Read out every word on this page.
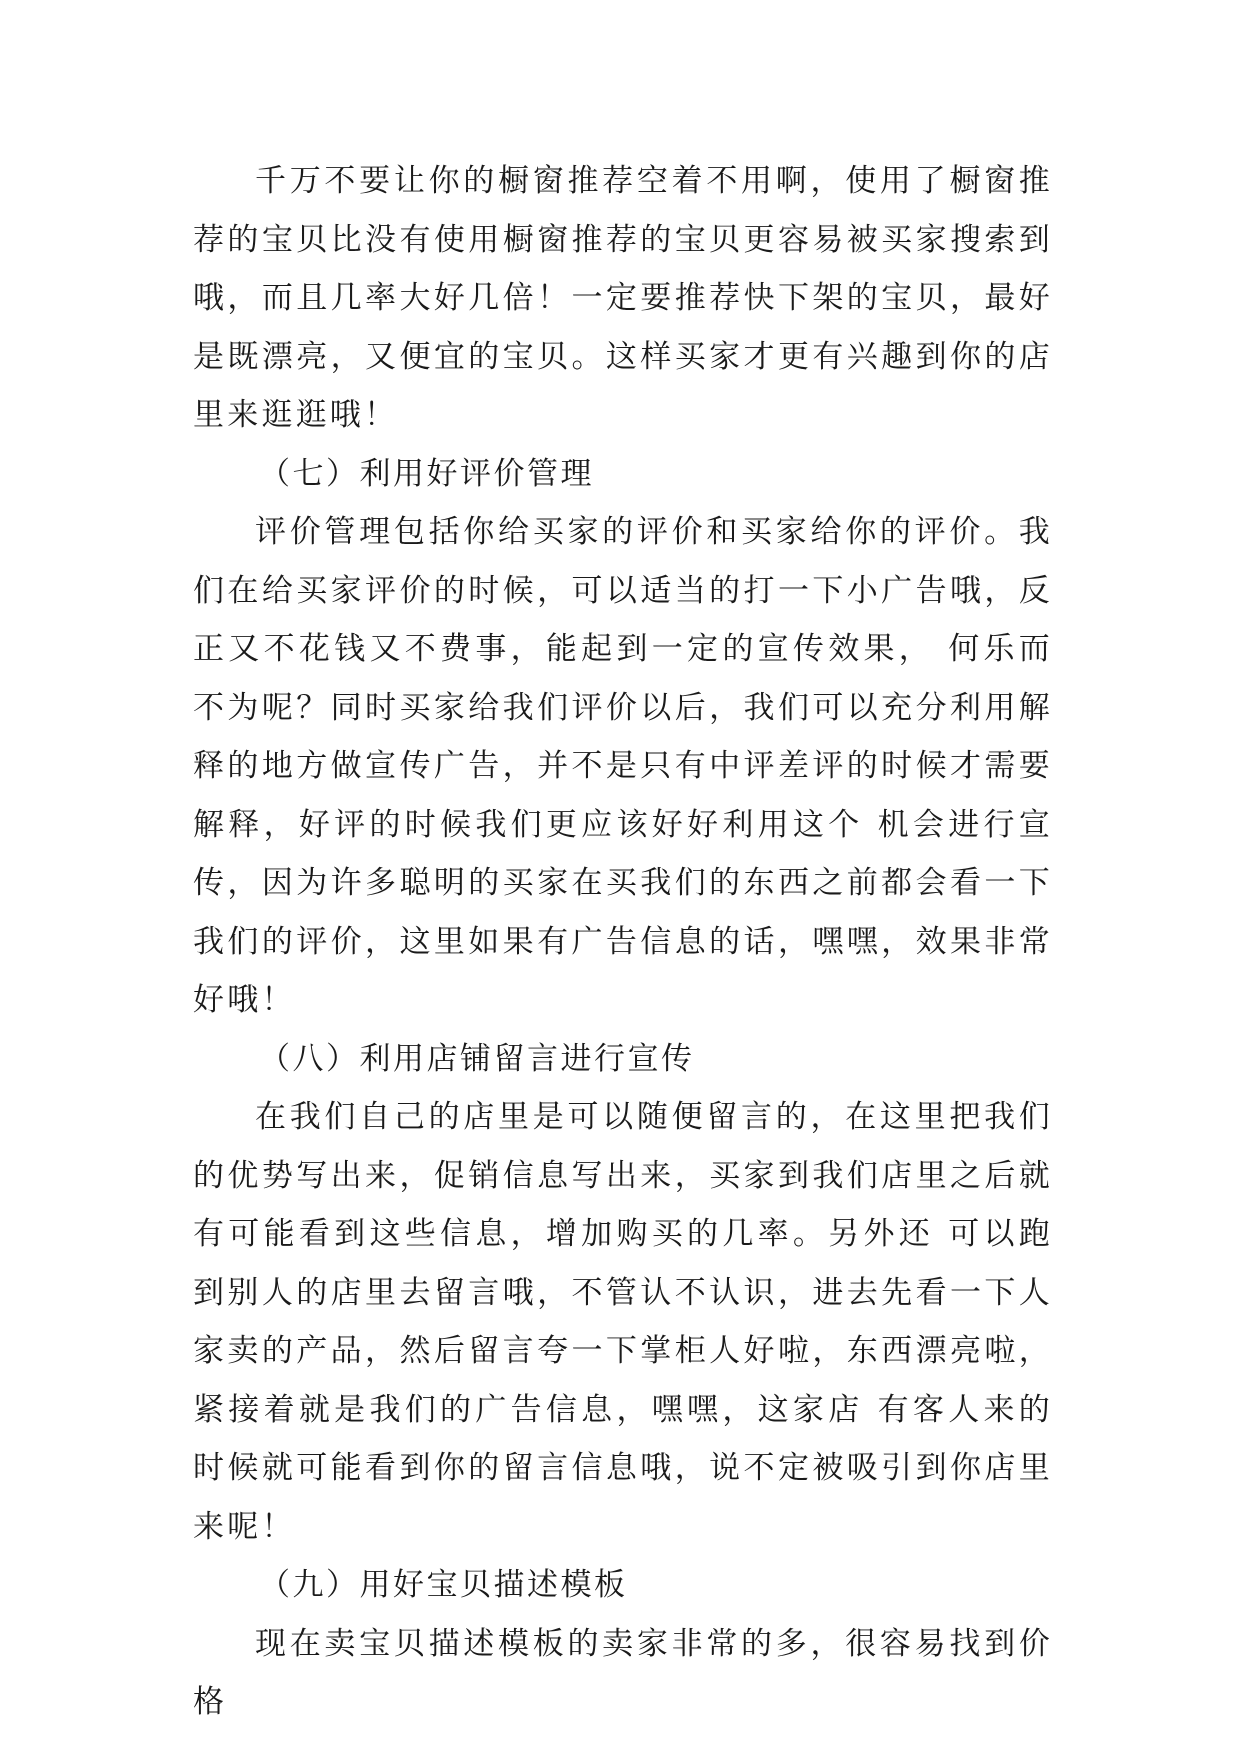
千万不要让你的橱窗推荐空着不用啊，使用了橱窗推荐的宝贝比没有使用橱窗推荐的宝贝更容易被买家搜索到哦，而且几率大好几倍！一定要推荐快下架的宝贝，最好是既漂亮，又便宜的宝贝。这样买家才更有兴趣到你的店里来逛逛哦！

（七）利用好评价管理

评价管理包括你给买家的评价和买家给你的评价。我们在给买家评价的时候，可以适当的打一下小广告哦，反正又不花钱又不费事，能起到一定的宣传效果， 何乐而不为呢？同时买家给我们评价以后，我们可以充分利用解释的地方做宣传广告，并不是只有中评差评的时候才需要解释，好评的时候我们更应该好好利用这个 机会进行宣传，因为许多聪明的买家在买我们的东西之前都会看一下我们的评价，这里如果有广告信息的话，嘿嘿，效果非常好哦！

（八）利用店铺留言进行宣传

在我们自己的店里是可以随便留言的，在这里把我们的优势写出来，促销信息写出来，买家到我们店里之后就有可能看到这些信息，增加购买的几率。另外还 可以跑到别人的店里去留言哦，不管认不认识，进去先看一下人家卖的产品，然后留言夸一下掌柜人好啦，东西漂亮啦，紧接着就是我们的广告信息，嘿嘿，这家店 有客人来的时候就可能看到你的留言信息哦，说不定被吸引到你店里来呢！

（九）用好宝贝描述模板

现在卖宝贝描述模板的卖家非常的多，很容易找到价格
